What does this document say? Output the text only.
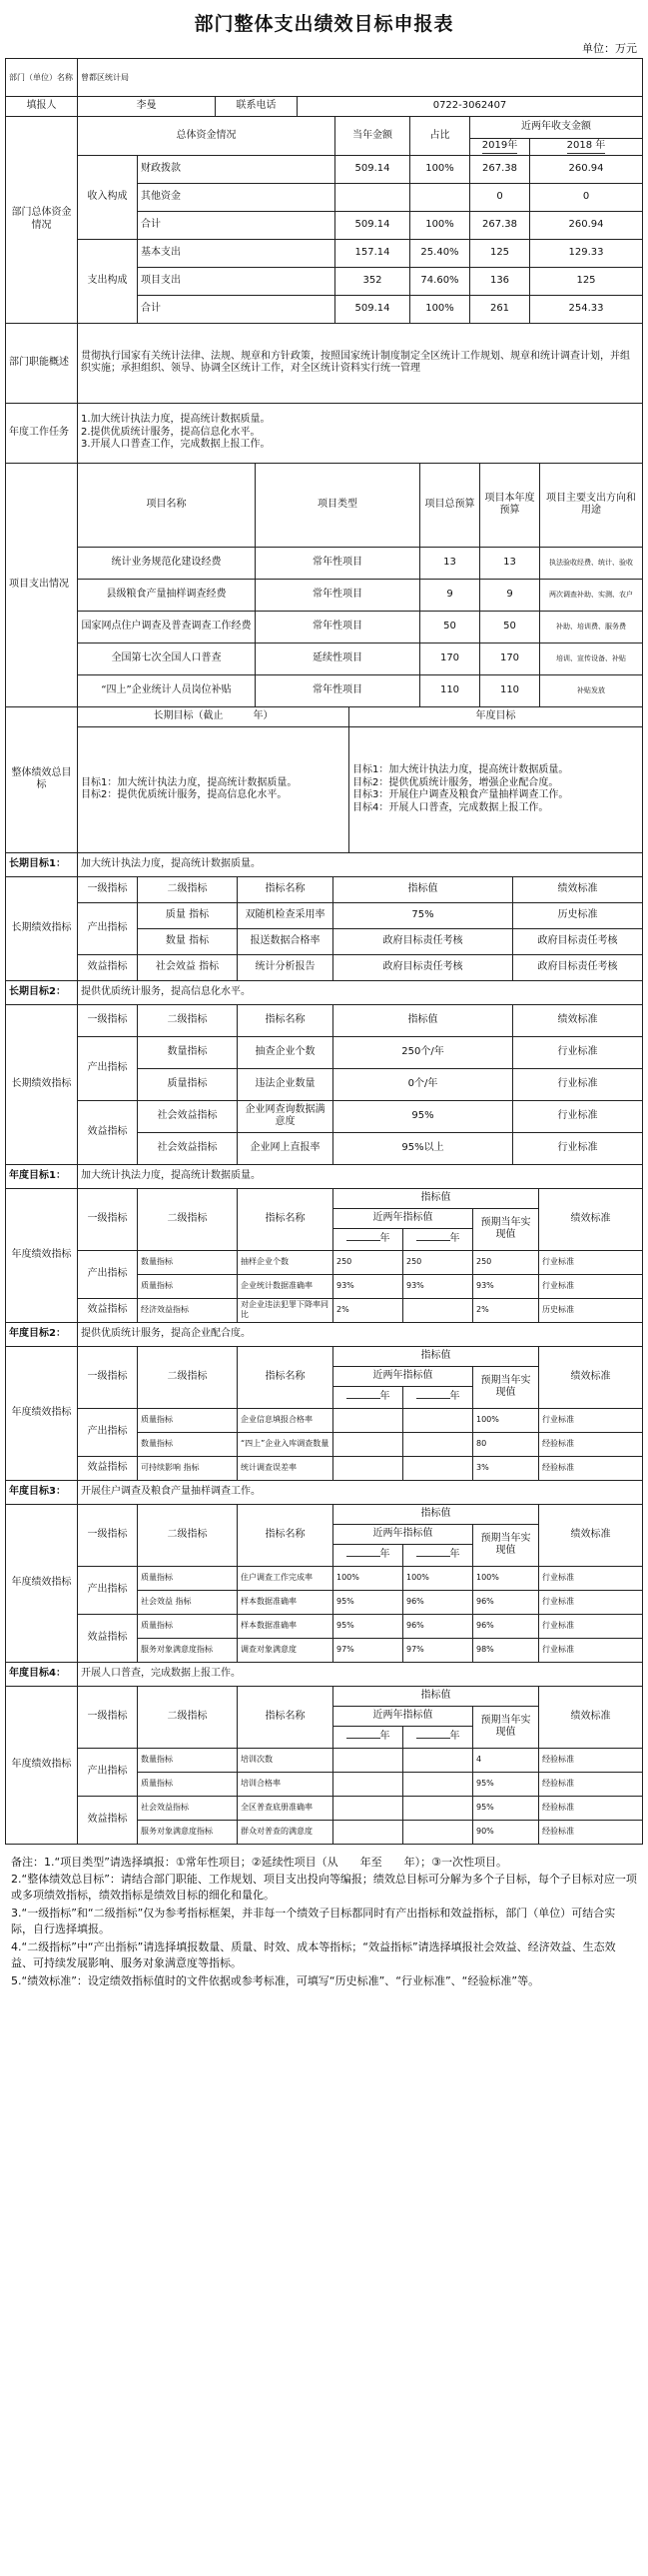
部门整体支出绩效目标申报表
单位：万元
部门（单位）名称	曾都区统计局		
填报人	李曼	联系电话	0722-3062407
部门总体资金情况	总体资金情况		当年金额	占比	近两年收支金额	
					2019年	2018 年
	收入构成	财政拨款	509.14	100%	267.38	260.94
		其他资金			0	0
		合计	509.14	100%	267.38	260.94
	支出构成	基本支出	157.14	25.40%	125	129.33
		项目支出	352	74.60%	136	125
		合计	509.14	100%	261	254.33
部门职能概述	贯彻执行国家有关统计法律、法规、规章和方针政策，按照国家统计制度制定全区统计工作规划、规章和统计调查计划，并组织实施；承担组织、领导、协调全区统计工作，对全区统计资料实行统一管理
年度工作任务	1.加大统计执法力度，提高统计数据质量。
2.提供优质统计服务，提高信息化水平。
3.开展人口普查工作，完成数据上报工作。
项目支出情况	项目名称	项目类型	项目总预算	项目本年度预算	项目主要支出方向和用途
	统计业务规范化建设经费	常年性项目	13	13	执法验收经费、统计、验收
	县级粮食产量抽样调查经费	常年性项目	9	9	两次调查补助、实测、农户
	国家网点住户调查及普查调查工作经费	常年性项目	50	50	补助、培训费、服务费
	全国第七次全国人口普查	延续性项目	170	170	培训、宣传设备、补贴
	“四上”企业统计人员岗位补贴	常年性项目	110	110	补贴发放
整体绩效总目标	长期目标（截止　　　年）	年度目标
	目标1：加大统计执法力度，提高统计数据质量。
目标2：提供优质统计服务，提高信息化水平。	目标1：加大统计执法力度，提高统计数据质量。
目标2：提供优质统计服务，增强企业配合度。
目标3：开展住户调查及粮食产量抽样调查工作。
目标4：开展人口普查，完成数据上报工作。
长期目标1：	加大统计执法力度，提高统计数据质量。				
长期绩效指标	一级指标	二级指标	指标名称	指标值	绩效标准
	产出指标	质量 指标	双随机检查采用率	75%	历史标准
		数量 指标	报送数据合格率	政府目标责任考核	政府目标责任考核
	效益指标	社会效益 指标	统计分析报告	政府目标责任考核	政府目标责任考核
长期目标2：	提供优质统计服务，提高信息化水平。				
长期绩效指标	一级指标	二级指标	指标名称	指标值	绩效标准
	产出指标	数量指标	抽查企业个数	250个/年	行业标准
		质量指标	违法企业数量	0个/年	行业标准
	效益指标	社会效益指标	企业网查询数据满意度	95%	行业标准
		社会效益指标	企业网上直报率	95%以上	行业标准
年度目标1：	加大统计执法力度，提高统计数据质量。						
年度绩效指标	一级指标	二级指标	指标名称	指标值			绩效标准
				近两年指标值		预期当年实现值	
				年	年		
	产出指标	数量指标	抽样企业个数	250	250	250	行业标准
		质量指标	企业统计数据准确率	93%	93%	93%	行业标准
	效益指标	经济效益指标	对企业违法犯罪下降率同比	2%		2%	历史标准
年度目标2：	提供优质统计服务，提高企业配合度。						
年度绩效指标	一级指标	二级指标	指标名称	指标值			绩效标准
				近两年指标值		预期当年实现值	
				年	年		
	产出指标	质量指标	企业信息填报合格率			100%	行业标准
		数量指标	“四上”企业入库调查数量			80	经验标准
	效益指标	可持续影响 指标	统计调查误差率			3%	经验标准
年度目标3：	开展住户调查及粮食产量抽样调查工作。						
年度绩效指标	一级指标	二级指标	指标名称	指标值			绩效标准
				近两年指标值		预期当年实现值	
				年	年		
	产出指标	质量指标	住户调查工作完成率	100%	100%	100%	行业标准
		社会效益 指标	样本数据准确率	95%	96%	96%	行业标准
	效益指标	质量指标	样本数据准确率	95%	96%	96%	行业标准
		服务对象满意度指标	调查对象满意度	97%	97%	98%	行业标准
年度目标4：	开展人口普查，完成数据上报工作。						
年度绩效指标	一级指标	二级指标	指标名称	指标值			绩效标准
				近两年指标值		预期当年实现值	
				年	年		
	产出指标	数量指标	培训次数			4	经验标准
		质量指标	培训合格率			95%	经验标准
	效益指标	社会效益指标	全区普查底册准确率			95%	经验标准
		服务对象满意度指标	群众对普查的满意度			90%	经验标准

备注：1.“项目类型”请选择填报：①常年性项目；②延续性项目（从　　年至　　年）；③一次性项目。

2.“整体绩效总目标”：请结合部门职能、工作规划、项目支出投向等编报；绩效总目标可分解为多个子目标，每个子目标对应一项或多项绩效指标，绩效指标是绩效目标的细化和量化。

3.“一级指标”和“二级指标”仅为参考指标框架，并非每一个绩效子目标都同时有产出指标和效益指标，部门（单位）可结合实际，自行选择填报。

4.“二级指标”中“产出指标”请选择填报数量、质量、时效、成本等指标；“效益指标”请选择填报社会效益、经济效益、生态效益、可持续发展影响、服务对象满意度等指标。

5.“绩效标准”：设定绩效指标值时的文件依据或参考标准，可填写“历史标准”、“行业标准”、“经验标准”等。
